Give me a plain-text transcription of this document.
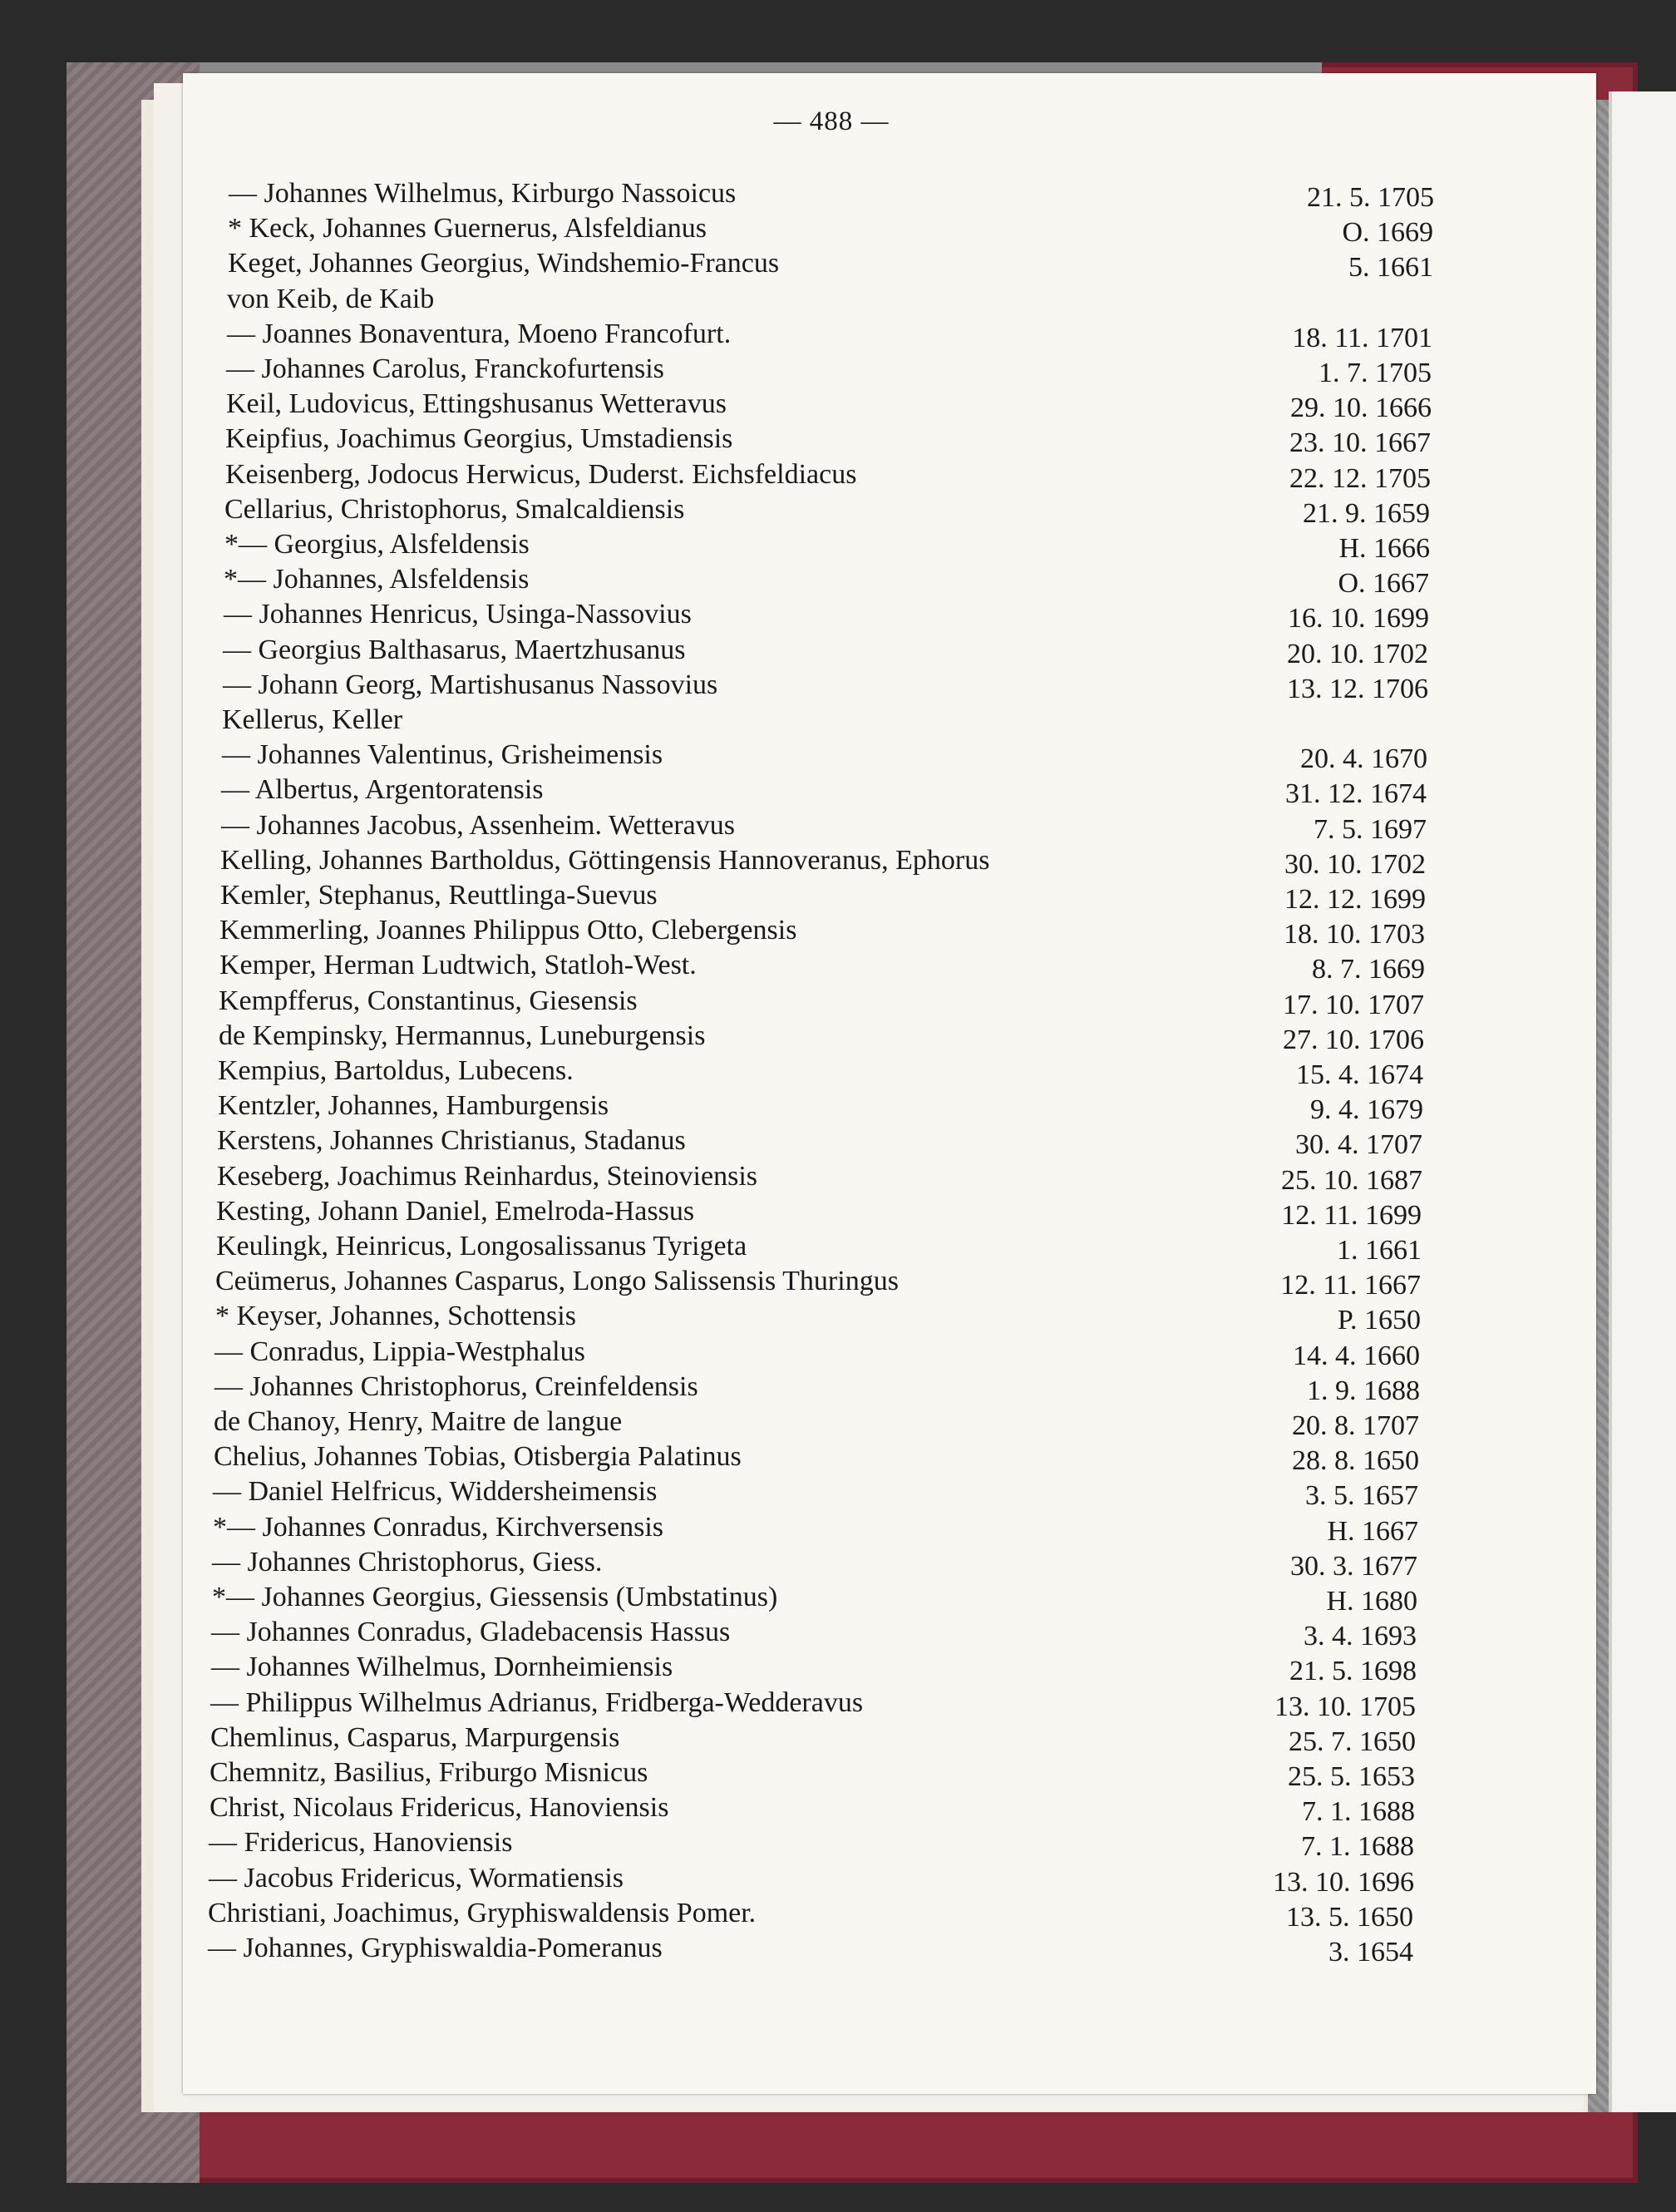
— 488 —
— Johannes Wilhelmus, Kirburgo Nassoicus	21. 5. 1705
* Keck, Johannes Guernerus, Alsfeldianus	O. 1669
Keget, Johannes Georgius, Windshemio-Francus	5. 1661
von Keib, de Kaib
— Joannes Bonaventura, Moeno Francofurt.	18. 11. 1701
— Johannes Carolus, Franckofurtensis	1. 7. 1705
Keil, Ludovicus, Ettingshusanus Wetteravus	29. 10. 1666
Keipfius, Joachimus Georgius, Umstadiensis	23. 10. 1667
Keisenberg, Jodocus Herwicus, Duderst. Eichsfeldiacus	22. 12. 1705
Cellarius, Christophorus, Smalcaldiensis	21. 9. 1659
*— Georgius, Alsfeldensis	H. 1666
*— Johannes, Alsfeldensis	O. 1667
— Johannes Henricus, Usinga-Nassovius	16. 10. 1699
— Georgius Balthasarus, Maertzhusanus	20. 10. 1702
— Johann Georg, Martishusanus Nassovius	13. 12. 1706
Kellerus, Keller
— Johannes Valentinus, Grisheimensis	20. 4. 1670
— Albertus, Argentoratensis	31. 12. 1674
— Johannes Jacobus, Assenheim. Wetteravus	7. 5. 1697
Kelling, Johannes Bartholdus, Göttingensis Hannoveranus, Ephorus	30. 10. 1702
Kemler, Stephanus, Reuttlinga-Suevus	12. 12. 1699
Kemmerling, Joannes Philippus Otto, Clebergensis	18. 10. 1703
Kemper, Herman Ludtwich, Statloh-West.	8. 7. 1669
Kempfferus, Constantinus, Giesensis	17. 10. 1707
de Kempinsky, Hermannus, Luneburgensis	27. 10. 1706
Kempius, Bartoldus, Lubecens.	15. 4. 1674
Kentzler, Johannes, Hamburgensis	9. 4. 1679
Kerstens, Johannes Christianus, Stadanus	30. 4. 1707
Keseberg, Joachimus Reinhardus, Steinoviensis	25. 10. 1687
Kesting, Johann Daniel, Emelroda-Hassus	12. 11. 1699
Keulingk, Heinricus, Longosalissanus Tyrigeta	1. 1661
Ceümerus, Johannes Casparus, Longo Salissensis Thuringus	12. 11. 1667
* Keyser, Johannes, Schottensis	P. 1650
— Conradus, Lippia-Westphalus	14. 4. 1660
— Johannes Christophorus, Creinfeldensis	1. 9. 1688
de Chanoy, Henry, Maitre de langue	20. 8. 1707
Chelius, Johannes Tobias, Otisbergia Palatinus	28. 8. 1650
— Daniel Helfricus, Widdersheimensis	3. 5. 1657
*— Johannes Conradus, Kirchversensis	H. 1667
— Johannes Christophorus, Giess.	30. 3. 1677
*— Johannes Georgius, Giessensis (Umbstatinus)	H. 1680
— Johannes Conradus, Gladebacensis Hassus	3. 4. 1693
— Johannes Wilhelmus, Dornheimiensis	21. 5. 1698
— Philippus Wilhelmus Adrianus, Fridberga-Wedderavus	13. 10. 1705
Chemlinus, Casparus, Marpurgensis	25. 7. 1650
Chemnitz, Basilius, Friburgo Misnicus	25. 5. 1653
Christ, Nicolaus Fridericus, Hanoviensis	7. 1. 1688
— Fridericus, Hanoviensis	7. 1. 1688
— Jacobus Fridericus, Wormatiensis	13. 10. 1696
Christiani, Joachimus, Gryphiswaldensis Pomer.	13. 5. 1650
— Johannes, Gryphiswaldia-Pomeranus	3. 1654
